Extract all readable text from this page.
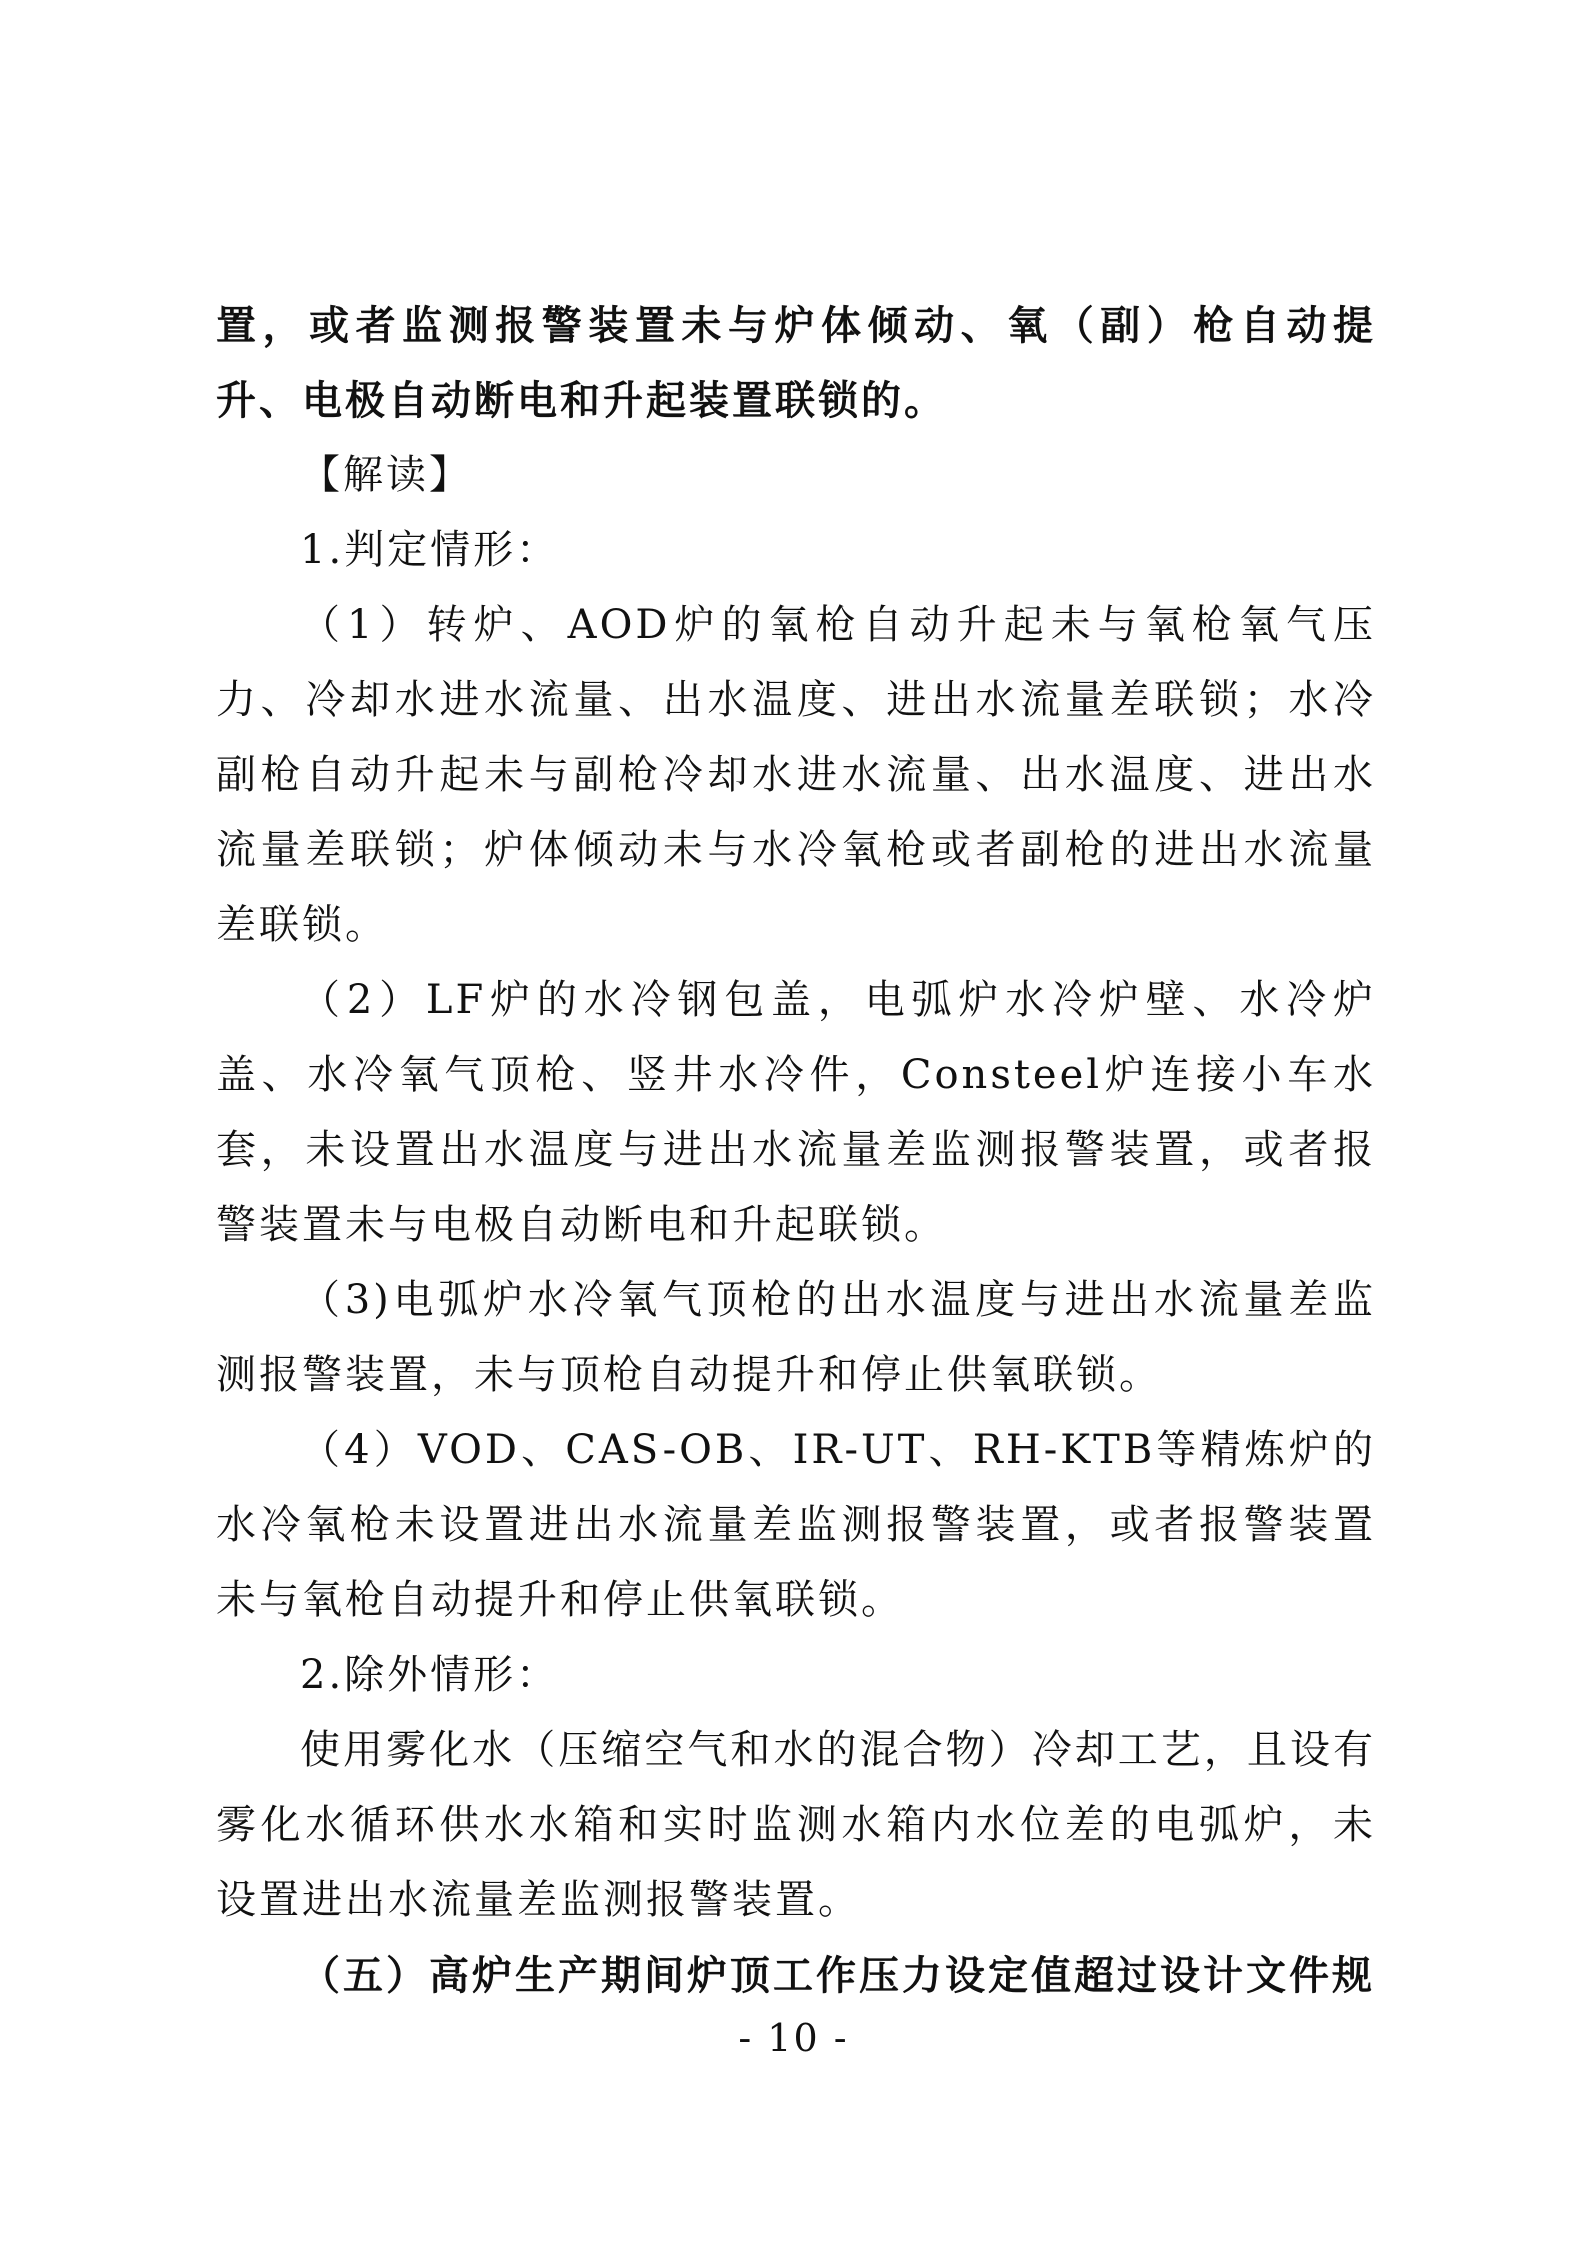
置，或者监测报警装置未与炉体倾动、氧（副）枪自动提升、电极自动断电和升起装置联锁的。

【解读】

1.判定情形：

（1）转炉、AOD炉的氧枪自动升起未与氧枪氧气压力、冷却水进水流量、出水温度、进出水流量差联锁；水冷副枪自动升起未与副枪冷却水进水流量、出水温度、进出水流量差联锁；炉体倾动未与水冷氧枪或者副枪的进出水流量差联锁。

（2）LF炉的水冷钢包盖，电弧炉水冷炉壁、水冷炉盖、水冷氧气顶枪、竖井水冷件，Consteel炉连接小车水套，未设置出水温度与进出水流量差监测报警装置，或者报警装置未与电极自动断电和升起联锁。

（3)电弧炉水冷氧气顶枪的出水温度与进出水流量差监测报警装置，未与顶枪自动提升和停止供氧联锁。

（4）VOD、CAS-OB、IR-UT、RH-KTB等精炼炉的水冷氧枪未设置进出水流量差监测报警装置，或者报警装置未与氧枪自动提升和停止供氧联锁。

2.除外情形：

使用雾化水（压缩空气和水的混合物）冷却工艺，且设有雾化水循环供水水箱和实时监测水箱内水位差的电弧炉，未设置进出水流量差监测报警装置。

（五）高炉生产期间炉顶工作压力设定值超过设计文件规

- 10 -
